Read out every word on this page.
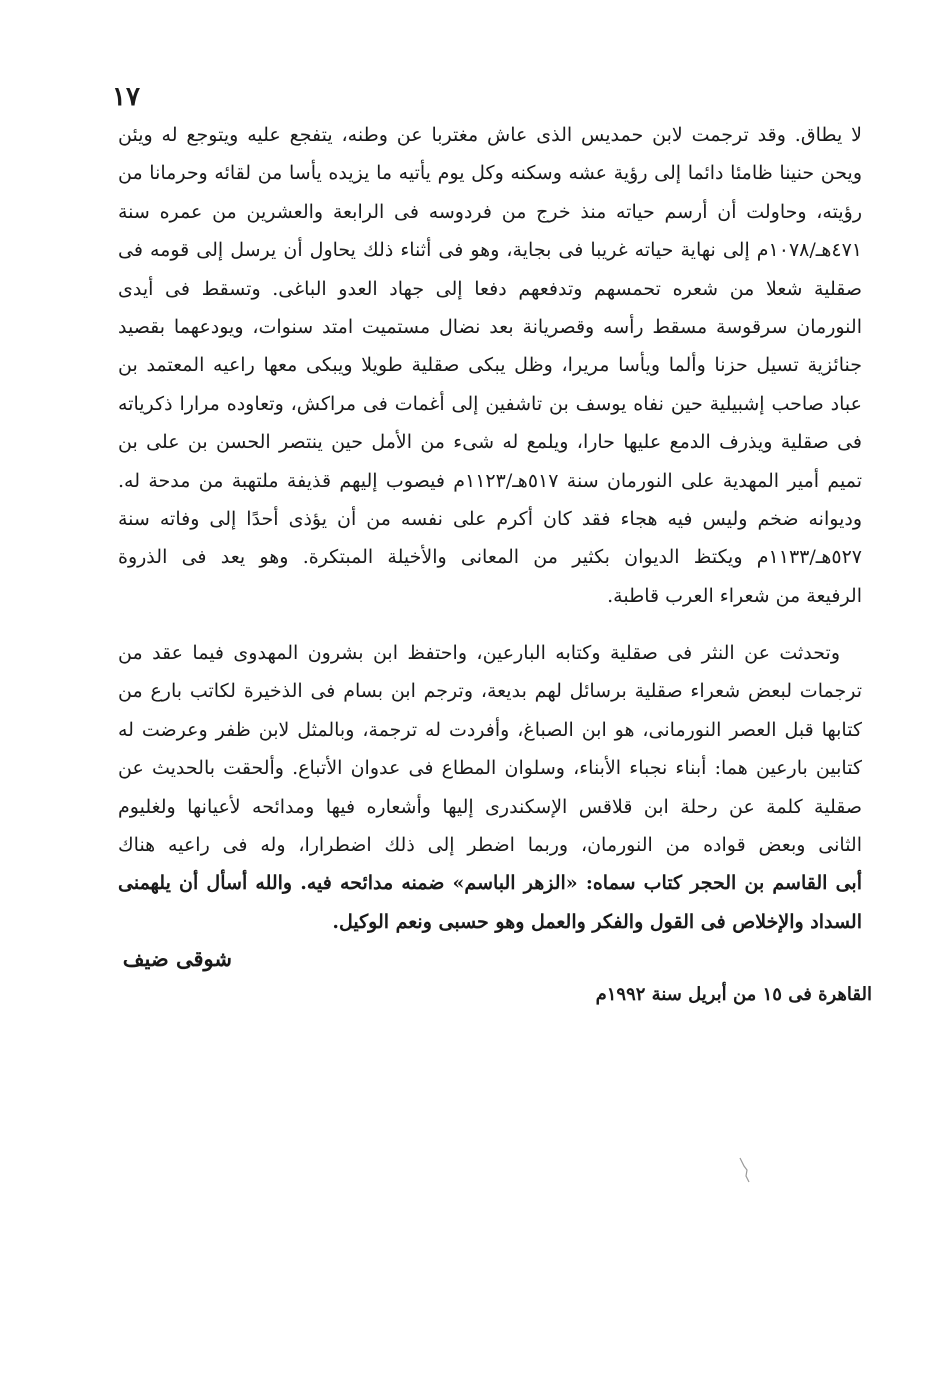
١٧
لا يطاق. وقد ترجمت لابن حمديس الذى عاش مغتربا عن وطنه، يتفجع عليه ويتوجع له ويئن
ويحن حنينا ظامئا دائما إلى رؤية عشه وسكنه وكل يوم يأتيه ما يزيده يأسا من لقائه وحرمانا من
رؤيته، وحاولت أن أرسم حياته منذ خرج من فردوسه فى الرابعة والعشرين من عمره سنة
٤٧١هـ/١٠٧٨م إلى نهاية حياته غريبا فى بجاية، وهو فى أثناء ذلك يحاول أن يرسل إلى قومه فى
صقلية شعلا من شعره تحمسهم وتدفعهم دفعا إلى جهاد العدو الباغى. وتسقط فى أيدى
النورمان سرقوسة مسقط رأسه وقصريانة بعد نضال مستميت امتد سنوات، ويودعهما بقصيد
جنائزية تسيل حزنا وألما ويأسا مريرا، وظل يبكى صقلية طويلا ويبكى معها راعيه المعتمد بن
عباد صاحب إشبيلية حين نفاه يوسف بن تاشفين إلى أغمات فى مراكش، وتعاوده مرارا ذكرياته
فى صقلية ويذرف الدمع عليها حارا، ويلمع له شىء من الأمل حين ينتصر الحسن بن على بن
تميم أمير المهدية على النورمان سنة ٥١٧هـ/١١٢٣م فيصوب إليهم قذيفة ملتهبة من مدحة له.
وديوانه ضخم وليس فيه هجاء فقد كان أكرم على نفسه من أن يؤذى أحدًا إلى وفاته سنة
٥٢٧هـ/١١٣٣م ويكتظ الديوان بكثير من المعانى والأخيلة المبتكرة. وهو يعد فى الذروة
الرفيعة من شعراء العرب قاطبة.
وتحدثت عن النثر فى صقلية وكتابه البارعين، واحتفظ ابن بشرون المهدوى فيما عقد من
ترجمات لبعض شعراء صقلية برسائل لهم بديعة، وترجم ابن بسام فى الذخيرة لكاتب بارع من
كتابها قبل العصر النورمانى، هو ابن الصباغ، وأفردت له ترجمة، وبالمثل لابن ظفر وعرضت له
كتابين بارعين هما: أبناء نجباء الأبناء، وسلوان المطاع فى عدوان الأتباع. وألحقت بالحديث عن
صقلية كلمة عن رحلة ابن قلاقس الإسكندرى إليها وأشعاره فيها ومدائحه لأعيانها ولغليوم
الثانى وبعض قواده من النورمان، وربما اضطر إلى ذلك اضطرارا، وله فى راعيه هناك
أبى القاسم بن الحجر كتاب سماه: «الزهر الباسم» ضمنه مدائحه فيه. والله أسأل أن يلهمنى
السداد والإخلاص فى القول والفكر والعمل وهو حسبى ونعم الوكيل.
شوقى ضيف
القاهرة فى ١٥ من أبريل سنة ١٩٩٢م
